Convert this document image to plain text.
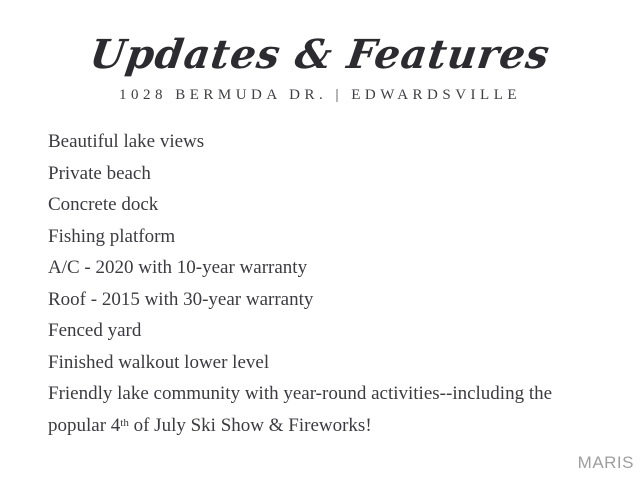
Updates & Features
1028 BERMUDA DR. | EDWARDSVILLE
Beautiful lake views
Private beach
Concrete dock
Fishing platform
A/C - 2020 with 10-year warranty
Roof - 2015 with 30-year warranty
Fenced yard
Finished walkout lower level
Friendly lake community with year-round activities--including the
popular 4th of July Ski Show & Fireworks!
MARIS
